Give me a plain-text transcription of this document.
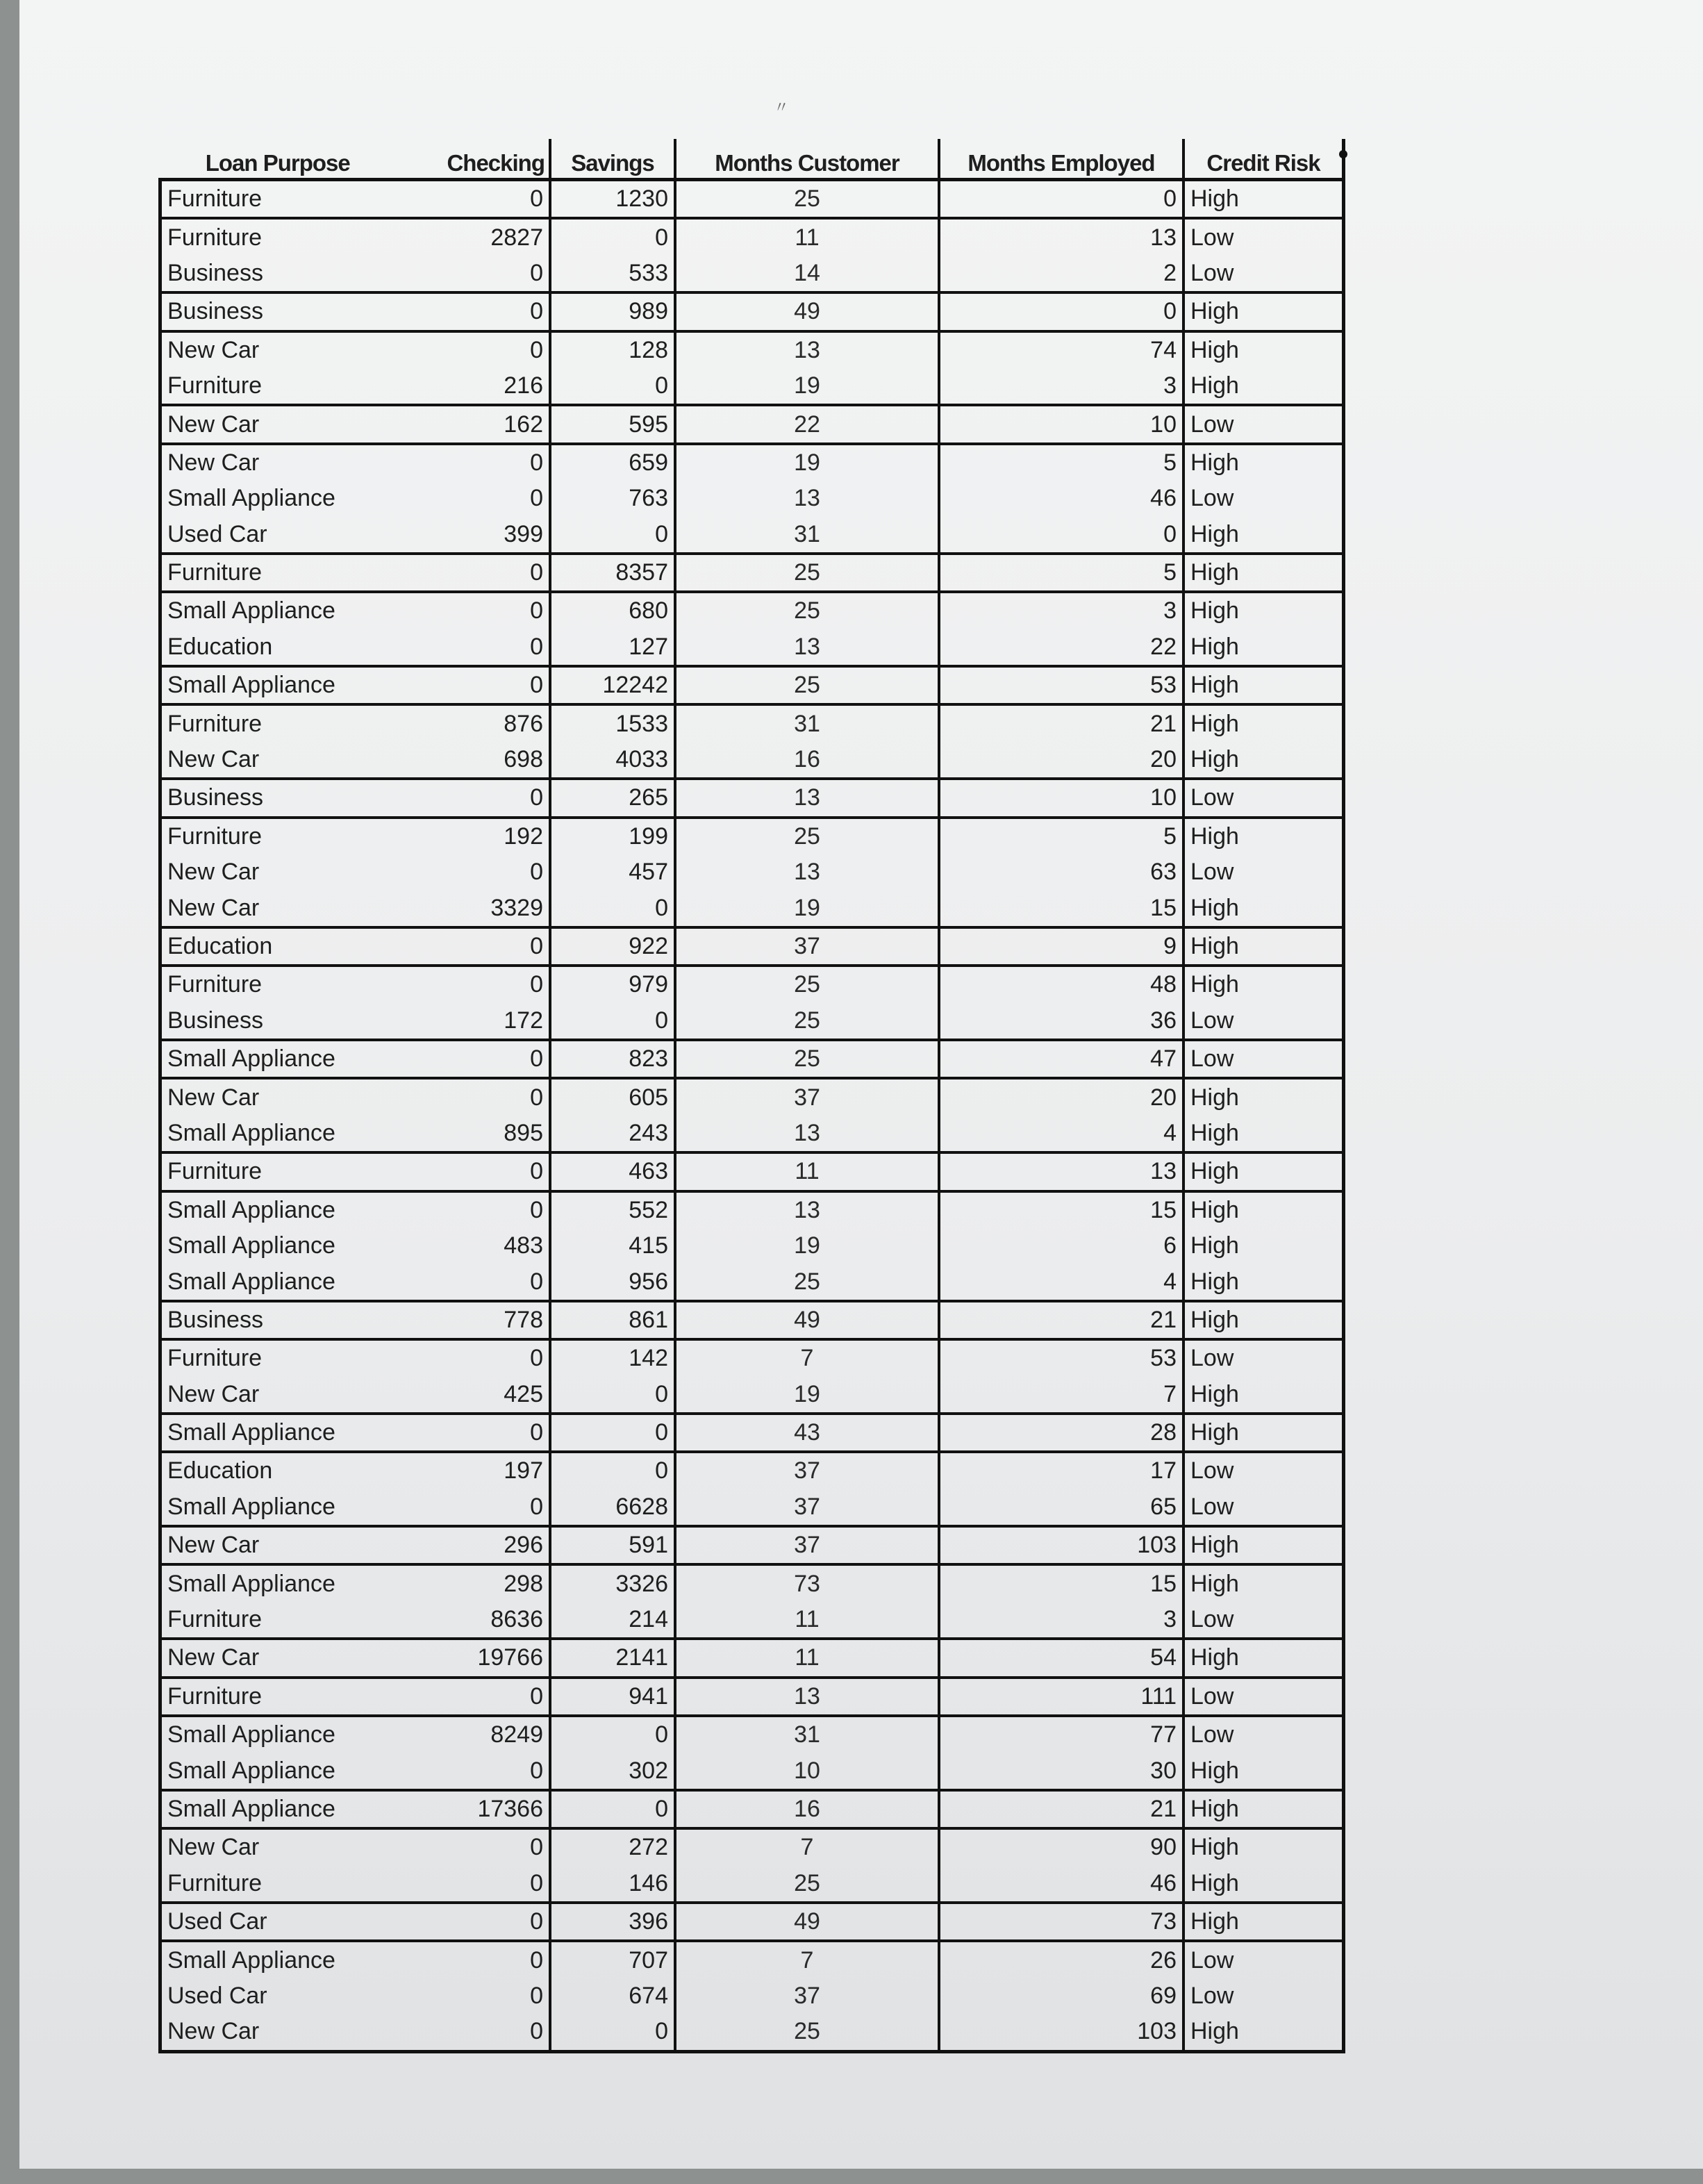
〃
Loan Purpose	Checking	Savings	Months Customer	Months Employed	Credit Risk
Furniture	0	1230	25	0	High
Furniture	2827	0	11	13	Low
Business	0	533	14	2	Low
Business	0	989	49	0	High
New Car	0	128	13	74	High
Furniture	216	0	19	3	High
New Car	162	595	22	10	Low
New Car	0	659	19	5	High
Small Appliance	0	763	13	46	Low
Used Car	399	0	31	0	High
Furniture	0	8357	25	5	High
Small Appliance	0	680	25	3	High
Education	0	127	13	22	High
Small Appliance	0	12242	25	53	High
Furniture	876	1533	31	21	High
New Car	698	4033	16	20	High
Business	0	265	13	10	Low
Furniture	192	199	25	5	High
New Car	0	457	13	63	Low
New Car	3329	0	19	15	High
Education	0	922	37	9	High
Furniture	0	979	25	48	High
Business	172	0	25	36	Low
Small Appliance	0	823	25	47	Low
New Car	0	605	37	20	High
Small Appliance	895	243	13	4	High
Furniture	0	463	11	13	High
Small Appliance	0	552	13	15	High
Small Appliance	483	415	19	6	High
Small Appliance	0	956	25	4	High
Business	778	861	49	21	High
Furniture	0	142	7	53	Low
New Car	425	0	19	7	High
Small Appliance	0	0	43	28	High
Education	197	0	37	17	Low
Small Appliance	0	6628	37	65	Low
New Car	296	591	37	103	High
Small Appliance	298	3326	73	15	High
Furniture	8636	214	11	3	Low
New Car	19766	2141	11	54	High
Furniture	0	941	13	111	Low
Small Appliance	8249	0	31	77	Low
Small Appliance	0	302	10	30	High
Small Appliance	17366	0	16	21	High
New Car	0	272	7	90	High
Furniture	0	146	25	46	High
Used Car	0	396	49	73	High
Small Appliance	0	707	7	26	Low
Used Car	0	674	37	69	Low
New Car	0	0	25	103	High
